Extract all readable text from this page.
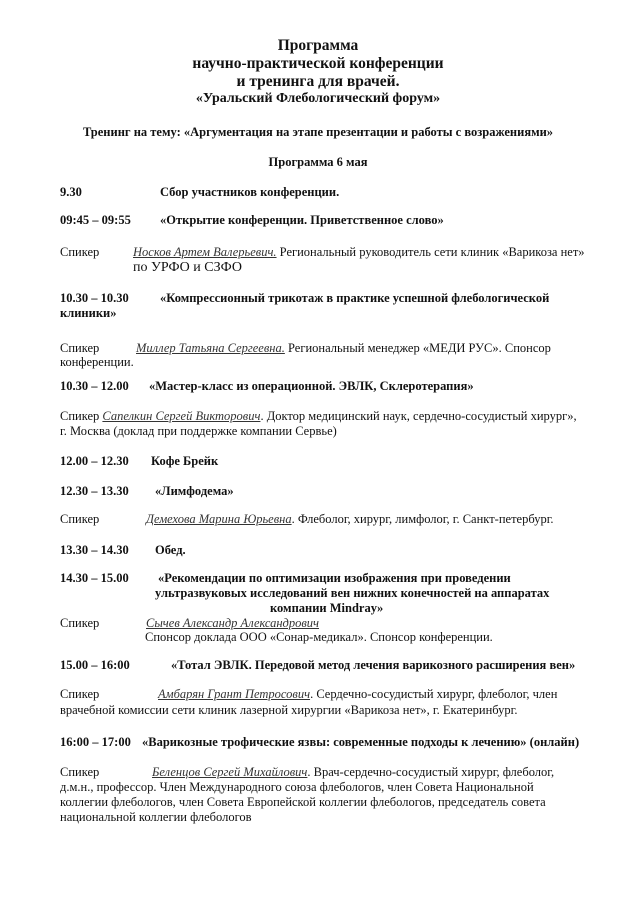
Программа
научно-практической конференции
и тренинга для врачей.
«Уральский Флебологический форум»
Тренинг на тему: «Аргументация на этапе презентации и работы с возражениями»
Программа 6 мая
9.30	Сбор участников конференции.
09:45 – 09:55 «Открытие конференции. Приветственное слово»
Спикер	Носков Артем Валерьевич. Региональный руководитель сети клиник «Варикоза нет»
по УРФО и СЗФО
10.30 – 10.30	«Компрессионный трикотаж в практике успешной флебологической
клиники»
Спикер	Миллер Татьяна Сергеевна. Региональный менеджер «МЕДИ РУС». Спонсор
конференции.
10.30 – 12.00 «Мастер-класс из операционной. ЭВЛК, Склеротерапия»
Спикер Сапелкин Сергей Викторович. Доктор медицинский наук, сердечно-сосудистый хирург»,
г. Москва (доклад при поддержке компании Сервье)
12.00 – 12.30 Кофе Брейк
12.30 – 13.30 «Лимфодема»
Спикер	Демехова Марина Юрьевна. Флеболог, хирург, лимфолог, г. Санкт-петербург.
13.30 – 14.30 Обед.
14.30 – 15.00 «Рекомендации по оптимизации изображения при проведении
ультразвуковых исследований вен нижних конечностей на аппаратах
компании Mindray»
Спикер	Сычев Александр Александрович
Спонсор доклада ООО «Сонар-медикал». Спонсор конференции.
15.00 – 16:00	«Тотал ЭВЛК. Передовой метод лечения варикозного расширения вен»
Спикер	Амбарян Грант Петросович. Сердечно-сосудистый хирург, флеболог, член
врачебной комиссии сети клиник лазерной хирургии «Варикоза нет», г. Екатеринбург.
16:00 – 17:00 «Варикозные трофические язвы: современные подходы к лечению» (онлайн)
Спикер	Беленцов Сергей Михайлович. Врач-сердечно-сосудистый хирург, флеболог,
д.м.н., профессор. Член Международного союза флебологов, член Совета Национальной
коллегии флебологов, член Совета Европейской коллегии флебологов, председатель совета
национальной коллегии флебологов
